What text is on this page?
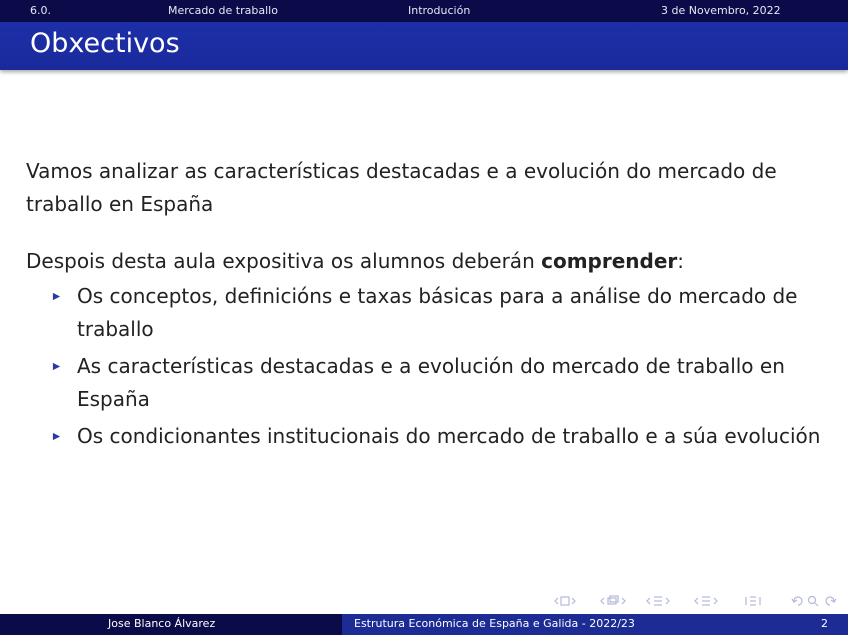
6.0.	Mercado de traballo	Introdución	3 de Novembro, 2022
Obxectivos

Vamos analizar as características destacadas e a evolución do mercado de traballo en España

Despois desta aula expositiva os alumnos deberán comprender:

Os conceptos, definicións e taxas básicas para a análise do mercado de traballo
As características destacadas e a evolución do mercado de traballo en España
Os condicionantes institucionais do mercado de traballo e a súa evolución
Jose Blanco Álvarez	Estrutura Económica de España e Galida - 2022/23	2
